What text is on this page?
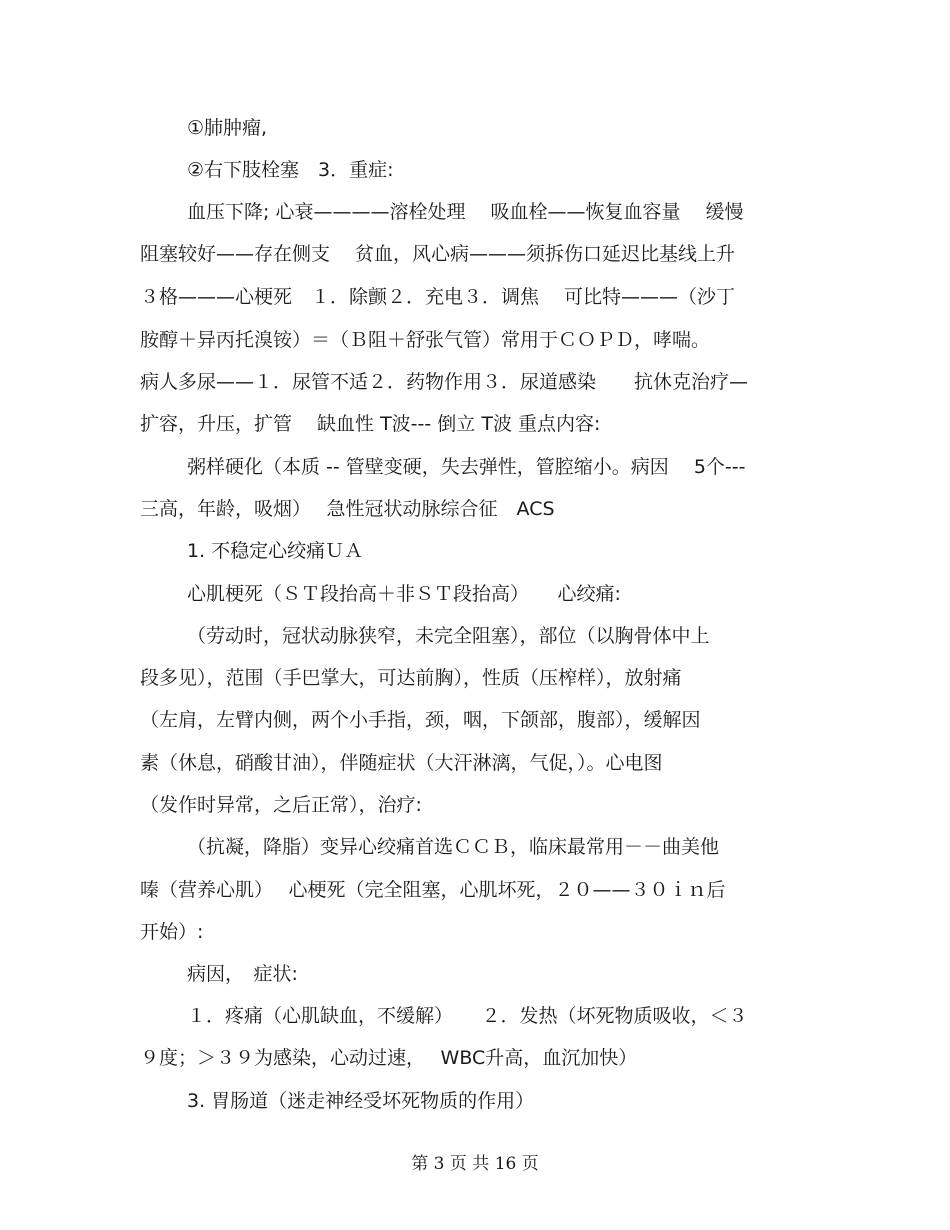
①肺肿瘤,
②右下肢栓塞　3．重症:
血压下降; 心衰————溶栓处理　 吸血栓——恢复血容量　 缓慢
阻塞较好——存在侧支　 贫血，风心病———须拆伤口延迟比基线上升
３格———心梗死　１．除颤２．充电３．调焦　 可比特———（沙丁
胺醇＋异丙托溴铵）＝（Ｂ阻＋舒张气管）常用于ＣＯＰＤ，哮喘。
病人多尿——１．尿管不适２．药物作用３．尿道感染　　抗休克治疗—
扩容，升压，扩管　 缺血性 T波--- 倒立 T波 重点内容:
粥样硬化（本质 -- 管壁变硬，失去弹性，管腔缩小。病因　 5个---
三高，年龄，吸烟）　 急性冠状动脉综合征　ACS
1. 不稳定心绞痛ＵＡ
心肌梗死（ＳＴ段抬高＋非ＳＴ段抬高）　　心绞痛:
（劳动时，冠状动脉狭窄，未完全阻塞），部位（以胸骨体中上
段多见），范围（手巴掌大，可达前胸），性质（压榨样），放射痛
（左肩，左臂内侧，两个小手指，颈，咽，下颌部，腹部），缓解因
素（休息，硝酸甘油），伴随症状（大汗淋漓，气促，）。心电图
（发作时异常，之后正常），治疗:
（抗凝，降脂）变异心绞痛首选ＣＣＢ，临床最常用－－曲美他
嗪（营养心肌）　 心梗死（完全阻塞，心肌坏死，２０——３０ｉｎ后
开始）:
病因，　症状:
１．疼痛（心肌缺血，不缓解）　　２．发热（坏死物质吸收，＜３
９度；＞３９为感染，心动过速，　 WBC升高，血沉加快）
3. 胃肠道（迷走神经受坏死物质的作用）
第 3 页 共 16 页
